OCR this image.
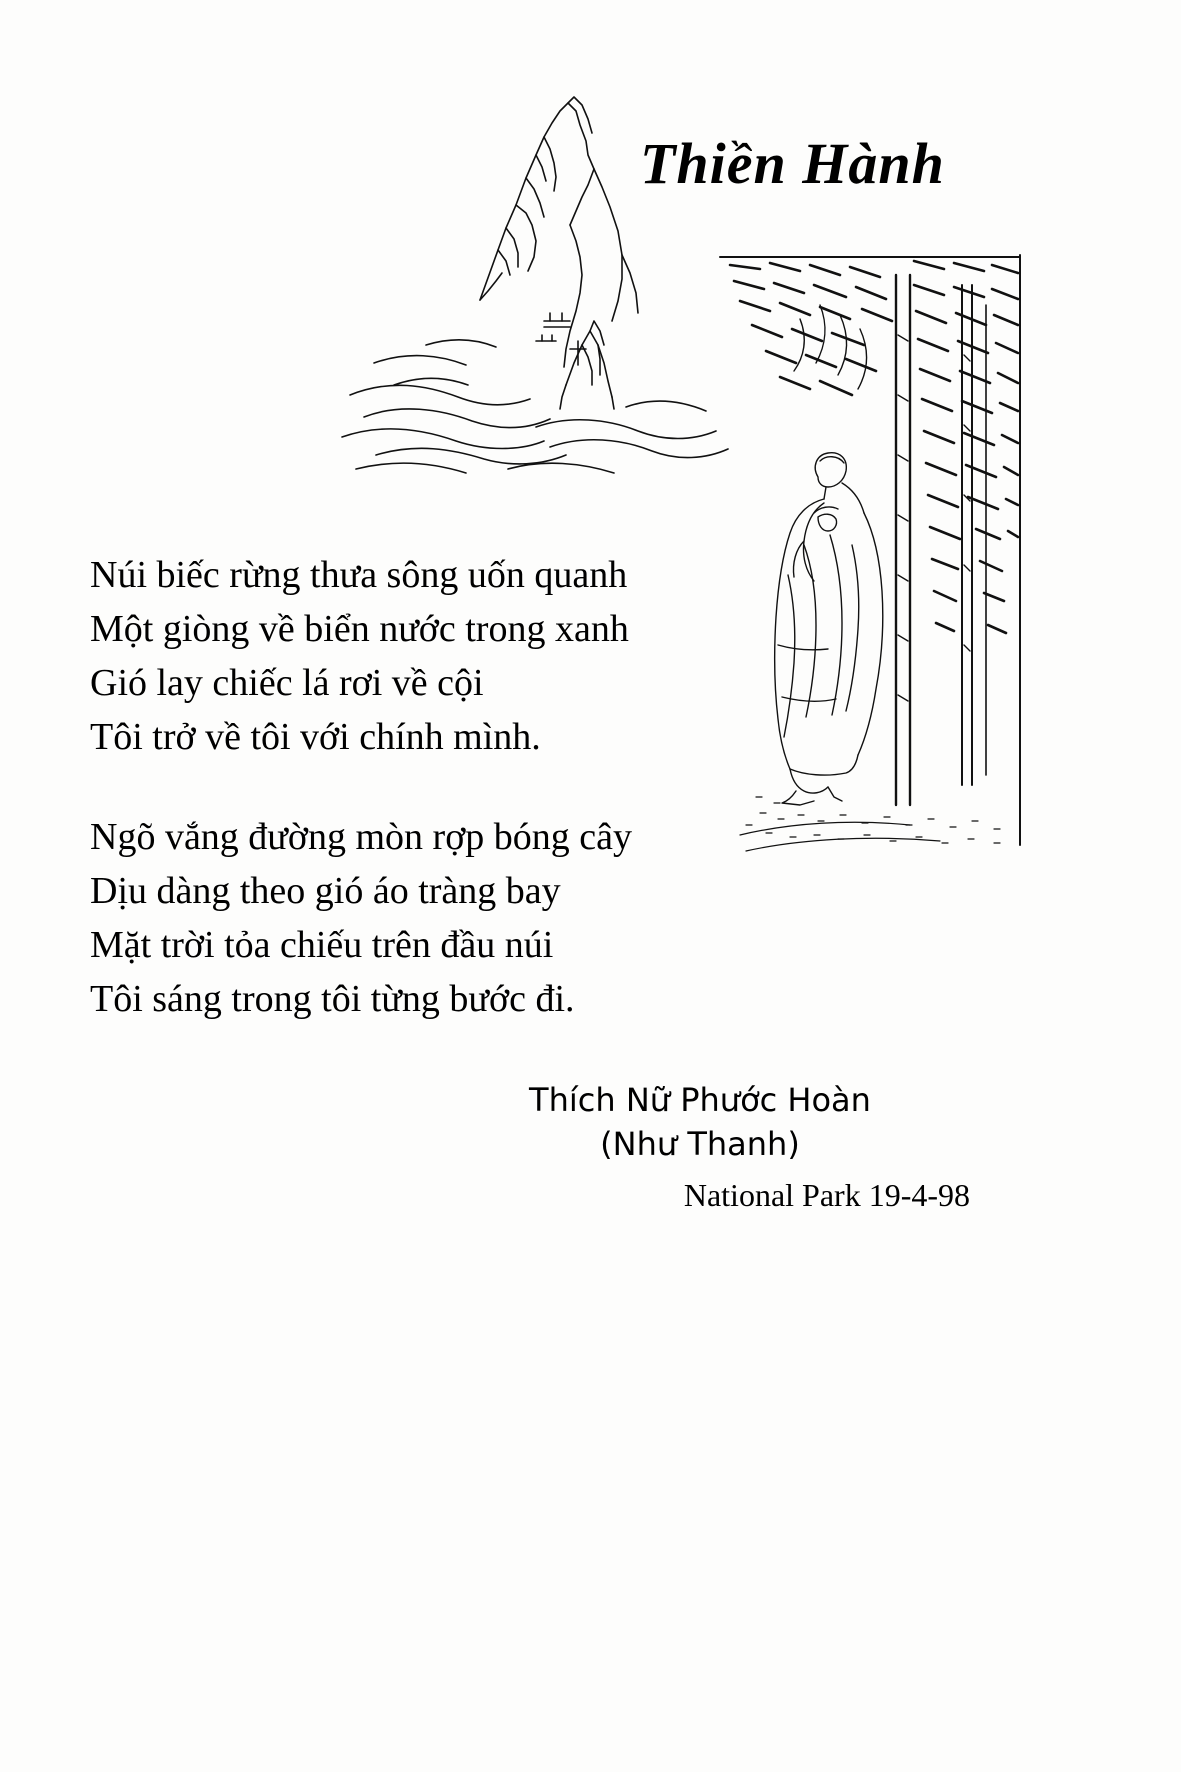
Thiền Hành
Núi biếc rừng thưa sông uốn quanh
Một giòng về biển nước trong xanh
Gió lay chiếc lá rơi về cội
Tôi trở về tôi với chính mình.
Ngõ vắng đường mòn rợp bóng cây
Dịu dàng theo gió áo tràng bay
Mặt trời tỏa chiếu trên đầu núi
Tôi sáng trong tôi từng bước đi.
Thích Nữ Phước Hoàn
(Như Thanh)
National Park 19-4-98
